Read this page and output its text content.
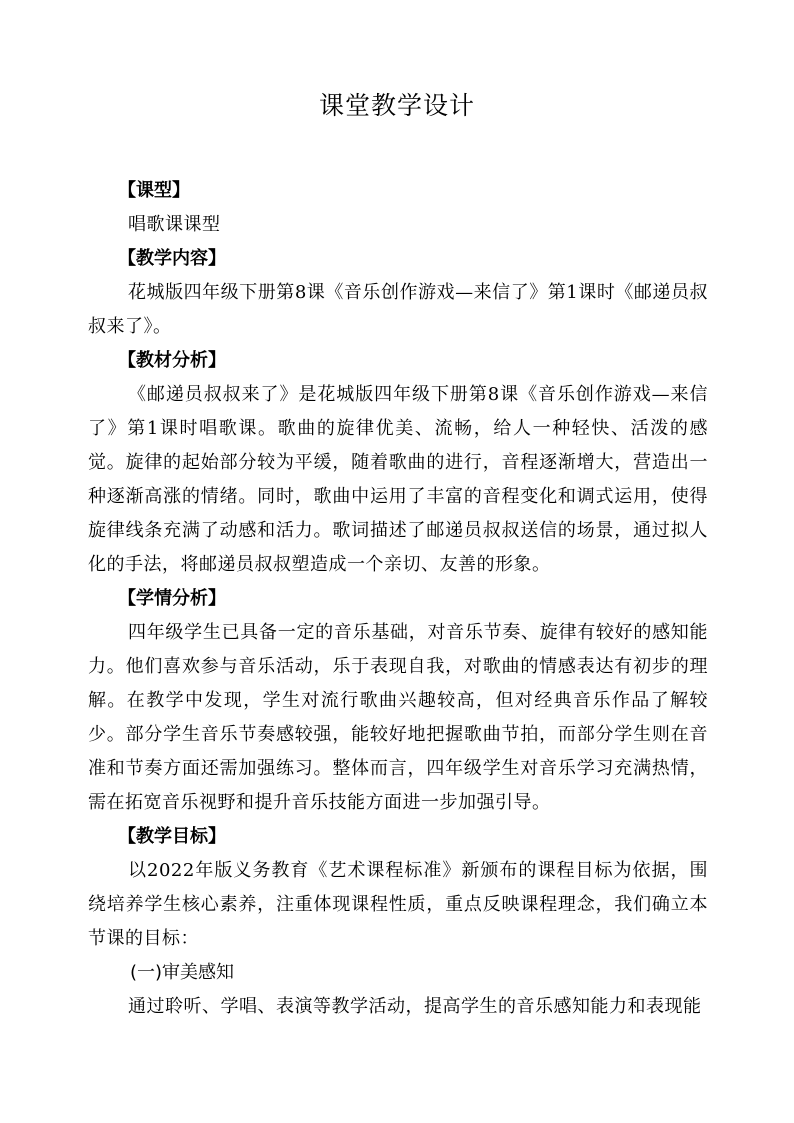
课堂教学设计

【课型】

唱歌课课型

【教学内容】

花城版四年级下册第8课《音乐创作游戏—来信了》第1课时《邮递员叔叔来了》。

【教材分析】

《邮递员叔叔来了》是花城版四年级下册第8课《音乐创作游戏—来信了》第1课时唱歌课。歌曲的旋律优美、流畅，给人一种轻快、活泼的感觉。旋律的起始部分较为平缓，随着歌曲的进行，音程逐渐增大，营造出一种逐渐高涨的情绪。同时，歌曲中运用了丰富的音程变化和调式运用，使得旋律线条充满了动感和活力。歌词描述了邮递员叔叔送信的场景，通过拟人化的手法，将邮递员叔叔塑造成一个亲切、友善的形象。

【学情分析】

四年级学生已具备一定的音乐基础，对音乐节奏、旋律有较好的感知能力。他们喜欢参与音乐活动，乐于表现自我，对歌曲的情感表达有初步的理解。在教学中发现，学生对流行歌曲兴趣较高，但对经典音乐作品了解较少。部分学生音乐节奏感较强，能较好地把握歌曲节拍，而部分学生则在音准和节奏方面还需加强练习。整体而言，四年级学生对音乐学习充满热情，需在拓宽音乐视野和提升音乐技能方面进一步加强引导。

【教学目标】

以2022年版义务教育《艺术课程标准》新颁布的课程目标为依据，围绕培养学生核心素养，注重体现课程性质，重点反映课程理念，我们确立本节课的目标：

(一)审美感知

通过聆听、学唱、表演等教学活动，提高学生的音乐感知能力和表现能
